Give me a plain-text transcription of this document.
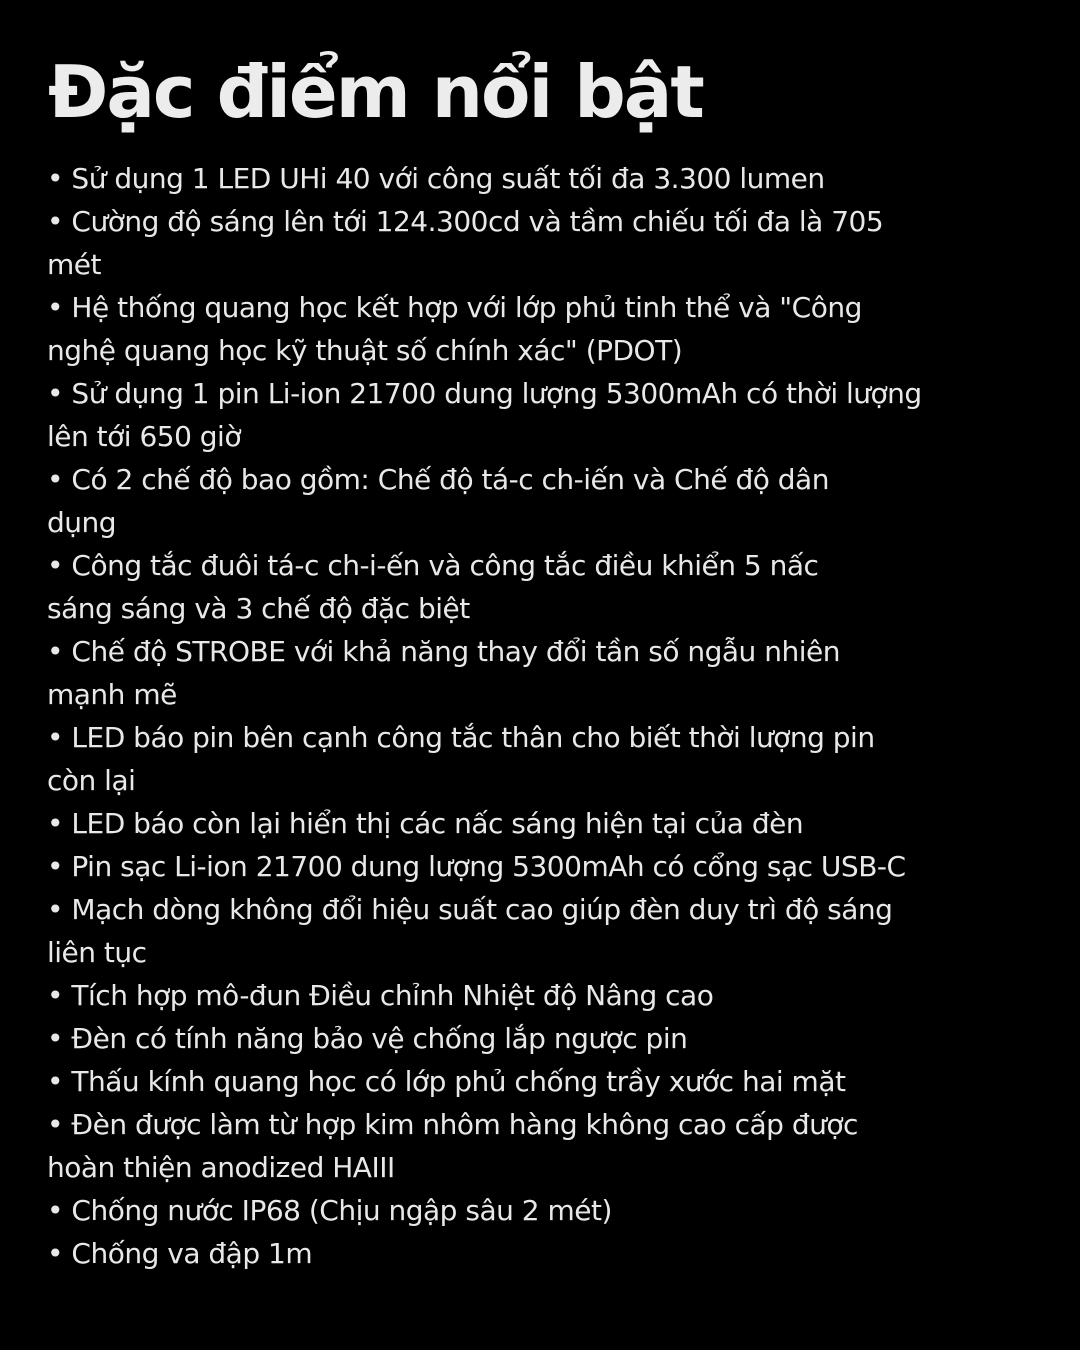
Đặc điểm nổi bật
• Sử dụng 1 LED UHi 40 với công suất tối đa 3.300 lumen
• Cường độ sáng lên tới 124.300cd và tầm chiếu tối đa là 705
mét
• Hệ thống quang học kết hợp với lớp phủ tinh thể và "Công
nghệ quang học kỹ thuật số chính xác" (PDOT)
• Sử dụng 1 pin Li-ion 21700 dung lượng 5300mAh có thời lượng
lên tới 650 giờ
• Có 2 chế độ bao gồm: Chế độ tá-c ch-iến và Chế độ dân
dụng
• Công tắc đuôi tá-c ch-i-ến và công tắc điều khiển 5 nấc
sáng sáng và 3 chế độ đặc biệt
• Chế độ STROBE với khả năng thay đổi tần số ngẫu nhiên
mạnh mẽ
• LED báo pin bên cạnh công tắc thân cho biết thời lượng pin
còn lại
• LED báo còn lại hiển thị các nấc sáng hiện tại của đèn
• Pin sạc Li-ion 21700 dung lượng 5300mAh có cổng sạc USB-C
• Mạch dòng không đổi hiệu suất cao giúp đèn duy trì độ sáng
liên tục
• Tích hợp mô-đun Điều chỉnh Nhiệt độ Nâng cao
• Đèn có tính năng bảo vệ chống lắp ngược pin
• Thấu kính quang học có lớp phủ chống trầy xước hai mặt
• Đèn được làm từ hợp kim nhôm hàng không cao cấp được
hoàn thiện anodized HAIII
• Chống nước IP68 (Chịu ngập sâu 2 mét)
• Chống va đập 1m
